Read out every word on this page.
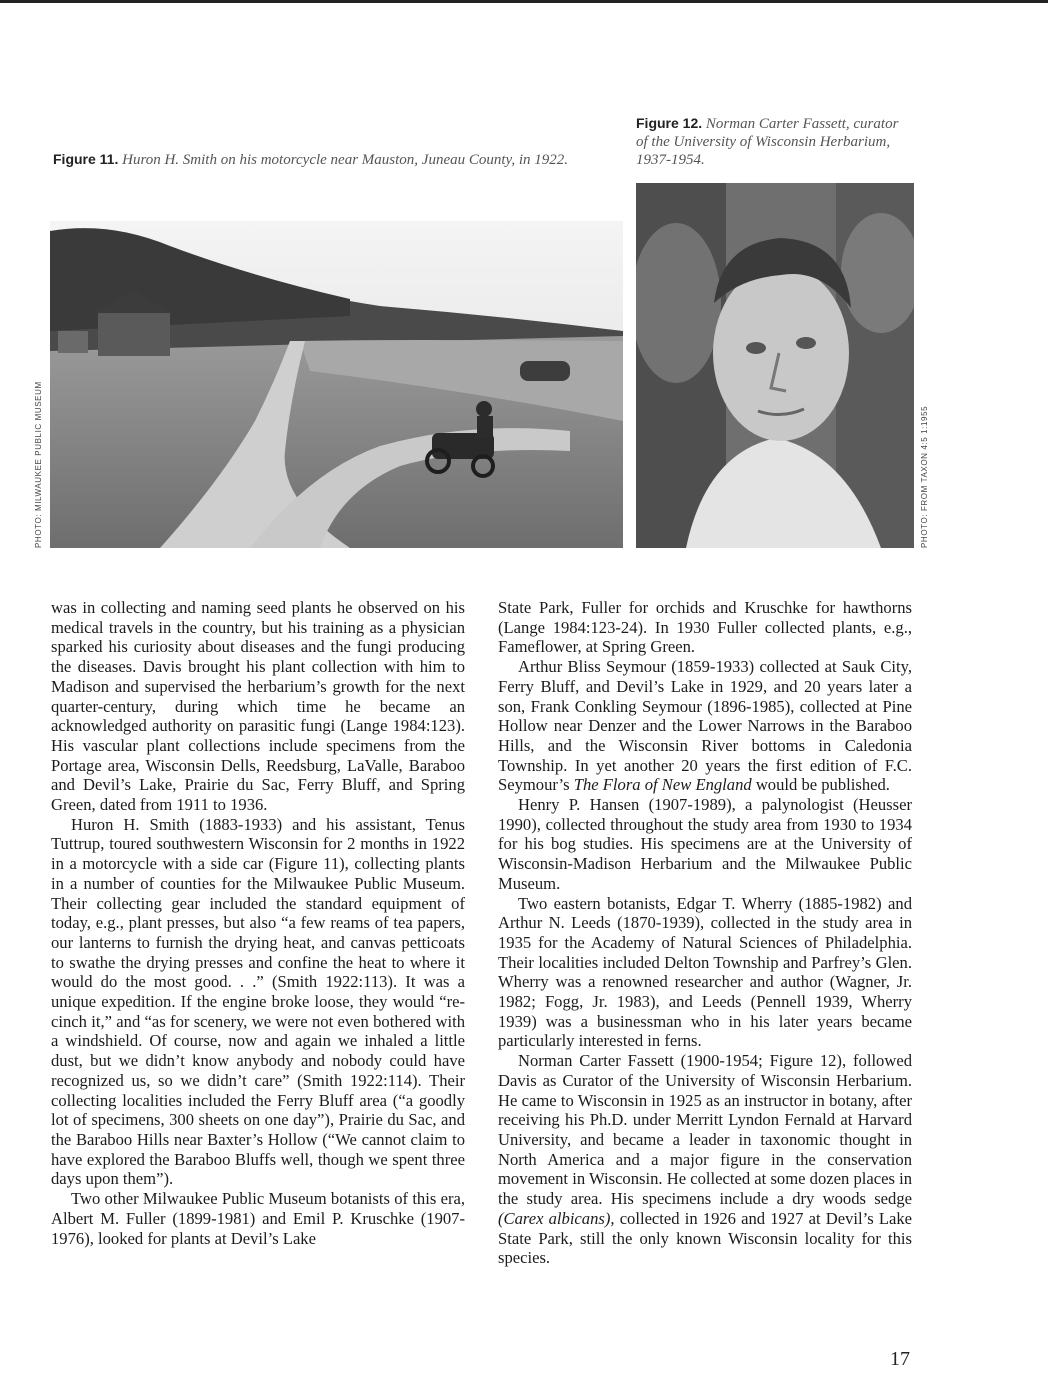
Figure 11. Huron H. Smith on his motorcycle near Mauston, Juneau County, in 1922.
Figure 12. Norman Carter Fassett, curator of the University of Wisconsin Herbarium, 1937-1954.
PHOTO: MILWAUKEE PUBLIC MUSEUM	PHOTO: FROM TAXON 4:5 1:1955

was in collecting and naming seed plants he observed on his medical travels in the country, but his training as a physician sparked his curiosity about diseases and the fungi producing the diseases. Davis brought his plant collection with him to Madison and supervised the herbarium’s growth for the next quarter-century, during which time he became an acknowledged authority on parasitic fungi (Lange 1984:123). His vascular plant collections include specimens from the Portage area, Wisconsin Dells, Reedsburg, LaValle, Baraboo and Devil’s Lake, Prairie du Sac, Ferry Bluff, and Spring Green, dated from 1911 to 1936.

Huron H. Smith (1883-1933) and his assistant, Tenus Tuttrup, toured southwestern Wisconsin for 2 months in 1922 in a motorcycle with a side car (Figure 11), collecting plants in a number of counties for the Milwaukee Public Museum. Their collecting gear included the standard equipment of today, e.g., plant presses, but also “a few reams of tea papers, our lanterns to furnish the drying heat, and canvas petticoats to swathe the drying presses and confine the heat to where it would do the most good. . .” (Smith 1922:113). It was a unique expedition. If the engine broke loose, they would “re-cinch it,” and “as for scenery, we were not even bothered with a windshield. Of course, now and again we inhaled a little dust, but we didn’t know anybody and nobody could have recognized us, so we didn’t care” (Smith 1922:114). Their collecting localities included the Ferry Bluff area (“a goodly lot of specimens, 300 sheets on one day”), Prairie du Sac, and the Baraboo Hills near Baxter’s Hollow (“We cannot claim to have explored the Baraboo Bluffs well, though we spent three days upon them”).

Two other Milwaukee Public Museum botanists of this era, Albert M. Fuller (1899-1981) and Emil P. Kruschke (1907-1976), looked for plants at Devil’s Lake

State Park, Fuller for orchids and Kruschke for hawthorns (Lange 1984:123-24). In 1930 Fuller collected plants, e.g., Fameflower, at Spring Green.

Arthur Bliss Seymour (1859-1933) collected at Sauk City, Ferry Bluff, and Devil’s Lake in 1929, and 20 years later a son, Frank Conkling Seymour (1896-1985), collected at Pine Hollow near Denzer and the Lower Narrows in the Baraboo Hills, and the Wisconsin River bottoms in Caledonia Township. In yet another 20 years the first edition of F.C. Seymour’s The Flora of New England would be published.

Henry P. Hansen (1907-1989), a palynologist (Heusser 1990), collected throughout the study area from 1930 to 1934 for his bog studies. His specimens are at the University of Wisconsin-Madison Herbarium and the Milwaukee Public Museum.

Two eastern botanists, Edgar T. Wherry (1885-1982) and Arthur N. Leeds (1870-1939), collected in the study area in 1935 for the Academy of Natural Sciences of Philadelphia. Their localities included Delton Township and Parfrey’s Glen. Wherry was a renowned researcher and author (Wagner, Jr. 1982; Fogg, Jr. 1983), and Leeds (Pennell 1939, Wherry 1939) was a businessman who in his later years became particularly interested in ferns.

Norman Carter Fassett (1900-1954; Figure 12), followed Davis as Curator of the University of Wisconsin Herbarium. He came to Wisconsin in 1925 as an instructor in botany, after receiving his Ph.D. under Merritt Lyndon Fernald at Harvard University, and became a leader in taxonomic thought in North America and a major figure in the conservation movement in Wisconsin. He collected at some dozen places in the study area. His specimens include a dry woods sedge (Carex albicans), collected in 1926 and 1927 at Devil’s Lake State Park, still the only known Wisconsin locality for this species.

17
